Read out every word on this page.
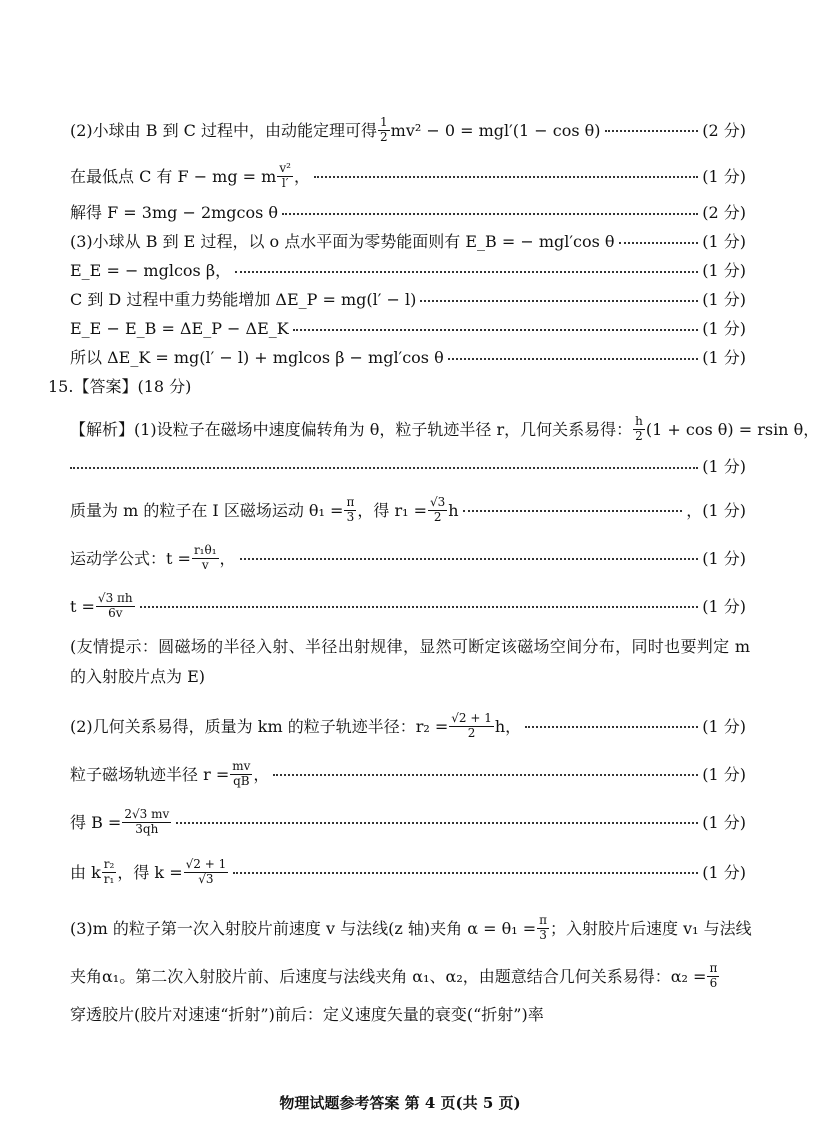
(2)小球由 B 到 C 过程中，由动能定理可得 $\frac{1}{2} mv^2 - 0 = mgl'(1 - \cos \theta)$	(2 分)
在最低点 C 有 F − mg = m $\frac{\text{v²}}{l'}$ ，	(1 分)
解得 F = 3mg − 2mgcos θ	(2 分)
(3)小球从 B 到 E 过程，以 o 点水平面为零势能面则有 E_B = − mgl′cos θ	(1 分)
E_E = − mglcos β，	(1 分)
C 到 D 过程中重力势能增加 ΔE_P = mg(l′ − l)	(1 分)
E_E − E_B = ΔE_P − ΔE_K	(1 分)
所以 ΔE_K = mg(l′ − l) + mglcos β − mgl′cos θ	(1 分)
15.【答案】(18 分)
【解析】(1)设粒子在磁场中速度偏转角为 θ，粒子轨迹半径 r，几何关系易得： $\frac{h}{2} (1 + \cos \theta) = rsin$ θ，
(1 分)
质量为 m 的粒子在 Ⅰ 区磁场运动 $\theta_1 = \frac{\pi}{3}$ ，得 $r_1 = \frac{√3}{2}$ h	，(1 分)
运动学公式：$t = \frac{\text{r₁θ₁}}{v}$ ，	(1 分)
$t = \frac{√3 \pi h}{6v}$	(1 分)
(友情提示：圆磁场的半径入射、半径出射规律，显然可断定该磁场空间分布，同时也要判定 m 的入射胶片点为 E)
(2)几何关系易得，质量为 km 的粒子轨迹半径：$r_2 = \frac{√2 + 1}{2}$ h，	(1 分)
粒子磁场轨迹半径 $r = \frac{mv}{qB}$ ，	(1 分)
得 $B = \frac{2√3 mv}{3qh}$	(1 分)
由 k $\frac{\text{r₂}}{\text{r₁}}$ ，得 $k = \frac{√2 + 1}{√3}$	(1 分)
(3)m 的粒子第一次入射胶片前速度 v 与法线(z 轴)夹角 $\alpha = \theta_1 = \frac{\pi}{3}$ ；入射胶片后速度 v₁ 与法线
夹角α₁。第二次入射胶片前、后速度与法线夹角 α₁、α₂，由题意结合几何关系易得：$\alpha_2 = \frac{\pi}{6}$
穿透胶片(胶片对速速“折射”)前后：定义速度矢量的衰变(“折射”)率
物理试题参考答案 第 4 页(共 5 页)
